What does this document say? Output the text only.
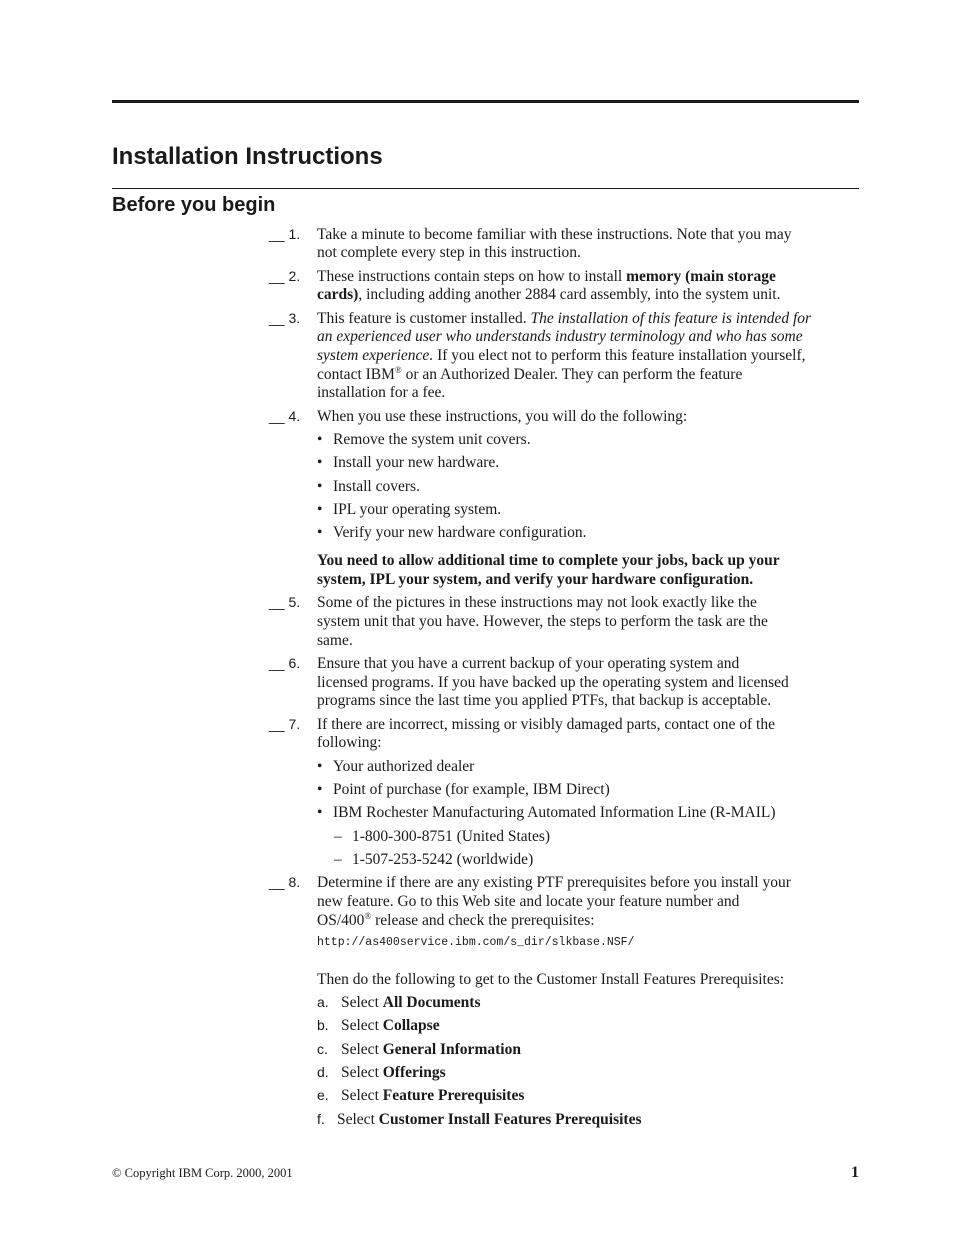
Installation Instructions
Before you begin
__ 1. Take a minute to become familiar with these instructions. Note that you may

not complete every step in this instruction.

__ 2. These instructions contain steps on how to install memory (main storage

cards), including adding another 2884 card assembly, into the system unit.

__ 3. This feature is customer installed. The installation of this feature is intended for

an experienced user who understands industry terminology and who has some

system experience. If you elect not to perform this feature installation yourself,

contact IBM® or an Authorized Dealer. They can perform the feature

installation for a fee.

__ 4. When you use these instructions, you will do the following:

• Remove the system unit covers.

• Install your new hardware.

• Install covers.

• IPL your operating system.

• Verify your new hardware configuration.

You need to allow additional time to complete your jobs, back up your

system, IPL your system, and verify your hardware configuration.

__ 5. Some of the pictures in these instructions may not look exactly like the

system unit that you have. However, the steps to perform the task are the

same.

__ 6. Ensure that you have a current backup of your operating system and

licensed programs. If you have backed up the operating system and licensed

programs since the last time you applied PTFs, that backup is acceptable.

__ 7. If there are incorrect, missing or visibly damaged parts, contact one of the

following:

• Your authorized dealer

• Point of purchase (for example, IBM Direct)

• IBM Rochester Manufacturing Automated Information Line (R-MAIL)

– 1-800-300-8751 (United States)

– 1-507-253-5242 (worldwide)

__ 8. Determine if there are any existing PTF prerequisites before you install your

new feature. Go to this Web site and locate your feature number and

OS/400® release and check the prerequisites:

http://as400service.ibm.com/s_dir/slkbase.NSF/

Then do the following to get to the Customer Install Features Prerequisites:

a. Select All Documents

b. Select Collapse

c. Select General Information

d. Select Offerings

e. Select Feature Prerequisites

f. Select Customer Install Features Prerequisites

© Copyright IBM Corp. 2000, 2001	1
